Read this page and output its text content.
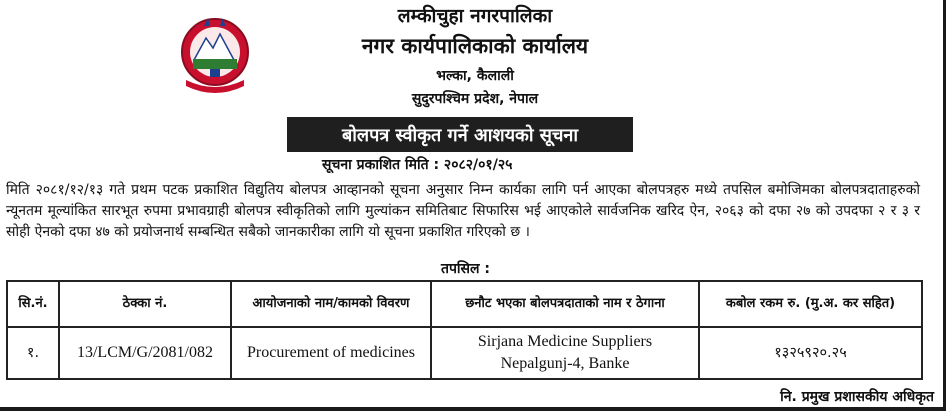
लम्कीचुहा नगरपालिका
नगर कार्यपालिकाको कार्यालय
भल्का, कैलाली
सुदुरपश्चिम प्रदेश, नेपाल
बोलपत्र स्वीकृत गर्ने आशयको सूचना
सूचना प्रकाशित मिति : २०८२/०१/२५

मिति २०८१/१२/१३ गते प्रथम पटक प्रकाशित विद्युतिय बोलपत्र आव्हानको सूचना अनुसार निम्न कार्यका लागि पर्न आएका बोलपत्रहरु मध्ये तपसिल बमोजिमका बोलपत्रदाताहरुको न्यूनतम मूल्यांकित सारभूत रुपमा प्रभावग्राही बोलपत्र स्वीकृतिको लागि मुल्यांकन समितिबाट सिफारिस भई आएकोले सार्वजनिक खरिद ऐन, २०६३ को दफा २७ को उपदफा २ र ३ र सोही ऐनको दफा ४७ को प्रयोजनार्थ सम्बन्धित सबैको जानकारीका लागि यो सूचना प्रकाशित गरिएको छ ।

तपसिल :
सि.नं.	ठेक्का नं.	आयोजनाको नाम/कामको विवरण	छनौट भएका बोलपत्रदाताको नाम र ठेगाना	कबोल रकम रु. (मु.अ. कर सहित)
१.	13/LCM/G/2081/082	Procurement of medicines	Sirjana Medicine Suppliers
Nepalgunj-4, Banke	१३२५९२०.२५
नि. प्रमुख प्रशासकीय अधिकृत
